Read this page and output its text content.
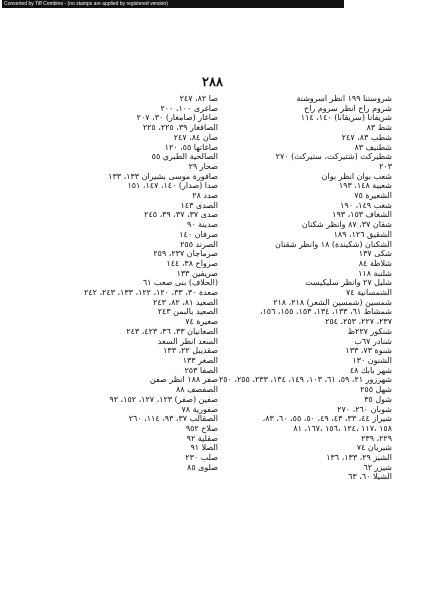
Converted by Tiff Combine - (no stamps are applied by registered version)
٢٨٨
شروستنا ١٩٩ انظر اسروشنة
شروم راح انظر سروم راح
شريفانا (سريقانا) ١٤٠، ١١٤
شط ٨٣
شطب ٨٣، ٢٤٧
شطنيف ٨٣
شطيركث (شتيركث، ستيركث) ٢٧٠
٢٠٣
شعب بوان انظر بوان
شعبية ١٤٨، ١٩٣
الشعيرة ٧٥
شغب ١٤٩، ١٩٠
الشغاف ١٥٣، ١٩٣
شقان ٣٧، ٨٧ وانظر شكنان
الشقيق ١٢٦، ١٨٩
الشكنان (شكيندة) ١٨ وانظر شقنان
شكى ١٣٧
شلاطة ٨٤
شلنبة ١١٨
شليل ٢٧ وانظر سليكيست
الشمسانية ٧٤
شمسين (شمسين الشعر) ٢١٨، ٢١٨
شمشاط ٦١، ١٣٣، ١٣٤، ١٥٣، ١٥٥، ١٥٦،
٢٣٧، ٢٢٧، ٢٥٣، ٢٥٤
شنكور ٢٢٧ظ
شنادر ٦٧ب
شنوة ٧٣، ١٣٣
الشنون ١٣٠
شهر بابك ٤٨
شهرزور ٢١، ٥٩، ٦١، ١٠٣، ١٤٩، ١٣٤، ٢٣٣، ٢٥٥، ٢٥٠
شهل ٢٥٥
شول ٣٥
شوبان ٢٦٠، ٢٧٠
شيراز ٤٤، ٣٣، ٤٣، ٤٩، ٥٠، ٥٥، ٦٠، ٨٣،
١٥٨ ،١١٧ ،١٢٤ ،١٥٦ ،١٦٧، ٨١
٢٢٩، ٢٣٩
شيريان ٧٤
الشيز ٢٩، ١٣٣، ١٣٦
شيزر ٦٢
الشيلا ٦٠، ٦٣
صا ٨٢، ٢٤٧
صاغرى ١٠٠، ٢٠٠
صاغار (صامغار) ٣٠، ٢٠٧
الصافغار ٣٩، ٢٢٥، ٢٢٥
صان ٨٤، ٢٤٧
صاغاتها ٥٥، ١٢٠
الصالحية الطبري ٥٥
صحار ٢٩
صافورة موسى بشيران ١٣٣، ١٣٣
صدا (صدار) ١٤٠، ١٤٧، ١٥١
صدد ٢٨
الصدى ١٤٣
صدى ٣٧، ٣٧، ٣٩، ٢٤٥
صدينة ٩٠
صرفان ١٤٠
الصرند ٢٥٥
صرماجان ٢٣٧، ٢٥٩
صرواح ٣٨، ١٤٤
صريفين ١٣٣
(الحلاف) بنى صعب ٦١
صعدة ٣٠، ٣٣، ١٢٠، ١٢٢، ١٣٣، ٢٤٣، ٢٤٢
الصعيد ٨١، ٨٢، ٢٤٣
الصعيد بالبمن ٢٤٣
صغيرة ٧٤
الصغانيان ٣٣، ٣٦، ٤٢٣، ٢٤٣
السعد انظر السغد
صقديبل ٢٢، ١٣٣
الصغر ١٣٣
الصفا ٢٥٣
صفر ١٨٨ انظر صفن
الصفصف ٨٨
صفين (صفر) ١٢٣، ١٢٧، ١٥٢، ٩٢
صفورية ٧٨
الصقالب ٣٧، ٩٣، ١١٤، ٢٦٠
صلاح ٩٥٢
صقلية ٩٢
الصلا ٩١
صلب ٢٣٠
صلوى ٨٥
